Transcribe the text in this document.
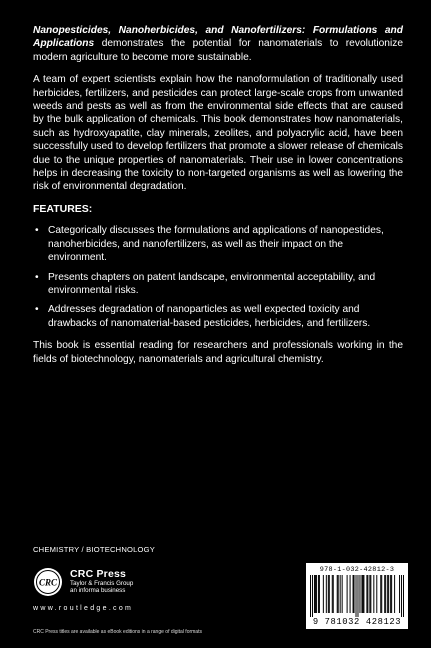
Nanopesticides, Nanoherbicides, and Nanofertilizers: Formulations and Applications demonstrates the potential for nanomaterials to revolutionize modern agriculture to become more sustainable.

A team of expert scientists explain how the nanoformulation of traditionally used herbicides, fertilizers, and pesticides can protect large-scale crops from unwanted weeds and pests as well as from the environmental side effects that are caused by the bulk application of chemicals. This book demonstrates how nanomaterials, such as hydroxyapatite, clay minerals, zeolites, and polyacrylic acid, have been successfully used to develop fertilizers that promote a slower release of chemicals due to the unique properties of nanomaterials. Their use in lower concentrations helps in decreasing the toxicity to non-targeted organisms as well as lowering the risk of environmental degradation.

FEATURES:
• Categorically discusses the formulations and applications of nanopestides, nanoherbicides, and nanofertilizers, as well as their impact on the environment.
• Presents chapters on patent landscape, environmental acceptability, and environmental risks.
• Addresses degradation of nanoparticles as well expected toxicity and drawbacks of nanomaterial-based pesticides, herbicides, and fertilizers.

This book is essential reading for researchers and professionals working in the fields of biotechnology, nanomaterials and agricultural chemistry.

CHEMISTRY / BIOTECHNOLOGY
CRC
CRC Press
Taylor & Francis Group
an informa business
www.routledge.com
CRC Press titles are available as eBook editions in a range of digital formats
978-1-032-42812-3
9 781032 428123
